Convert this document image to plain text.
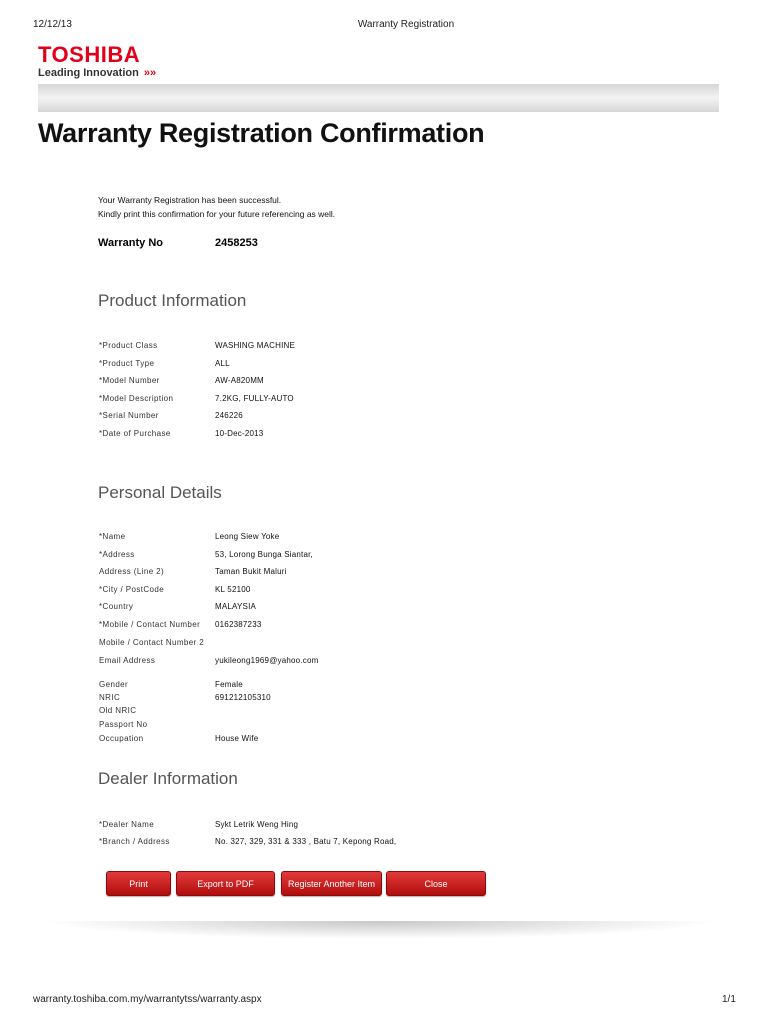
12/12/13	Warranty Registration
TOSHIBA
Leading Innovation »»
Warranty Registration Confirmation
Your Warranty Registration has been successful.
Kindly print this confirmation for your future referencing as well.
Warranty No	2458253
Product Information
*Product Class	WASHING MACHINE
*Product Type	ALL
*Model Number	AW-A820MM
*Model Description	7.2KG, FULLY-AUTO
*Serial Number	246226
*Date of Purchase	10-Dec-2013
Personal Details
*Name	Leong Siew Yoke
*Address	53, Lorong Bunga Siantar,
Address (Line 2)	Taman Bukit Maluri
*City / PostCode	KL 52100
*Country	MALAYSIA
*Mobile / Contact Number 0162387233
Mobile / Contact Number 2
Email Address	yukileong1969@yahoo.com
Gender	Female
NRIC	691212105310
Old NRIC
Passport No
Occupation	House Wife
Dealer Information
*Dealer Name	Sykt Letrik Weng Hing
*Branch / Address	No. 327, 329, 331 & 333 , Batu 7, Kepong Road,
Print	Export to PDF	Register Another Item	Close
warranty.toshiba.com.my/warrantytss/warranty.aspx	1/1
